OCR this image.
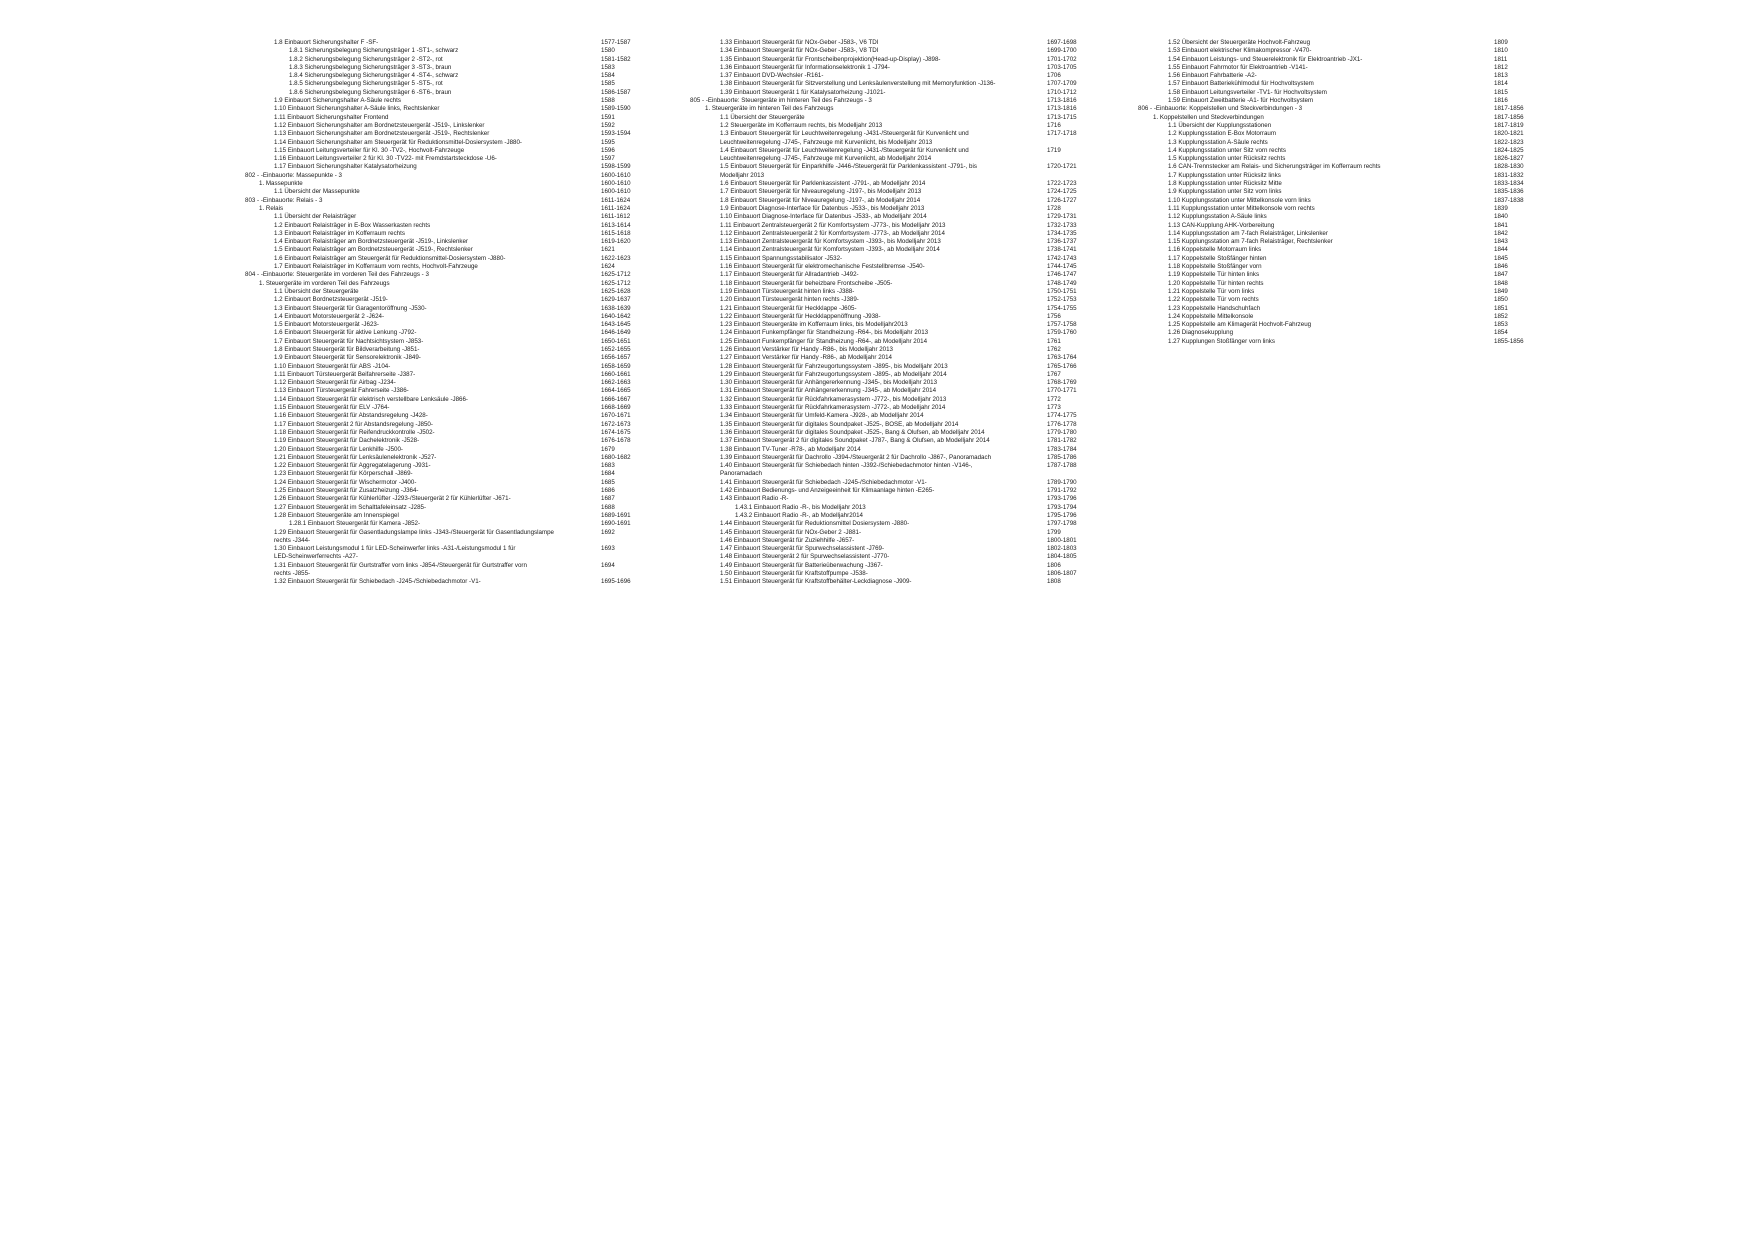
1.8 Einbauort Sicherungshalter F -SF-	1577-1587
1.8.1 Sicherungsbelegung Sicherungsträger 1 -ST1-, schwarz	1580
1.8.2 Sicherungsbelegung Sicherungsträger 2 -ST2-, rot	1581-1582
1.8.3 Sicherungsbelegung Sicherungsträger 3 -ST3-, braun	1583
1.8.4 Sicherungsbelegung Sicherungsträger 4 -ST4-, schwarz	1584
1.8.5 Sicherungsbelegung Sicherungsträger 5 -ST5-, rot	1585
1.8.6 Sicherungsbelegung Sicherungsträger 6 -ST6-, braun	1586-1587
1.9 Einbauort Sicherungshalter A-Säule rechts	1588
1.10 Einbauort Sicherungshalter A-Säule links, Rechtslenker	1589-1590
1.11 Einbauort Sicherungshalter Frontend	1591
1.12 Einbauort Sicherungshalter am Bordnetzsteuergerät -J519-, Linkslenker	1592
1.13 Einbauort Sicherungshalter am Bordnetzsteuergerät -J519-, Rechtslenker	1593-1594
1.14 Einbauort Sicherungshalter am Steuergerät für Reduktionsmittel-Dosiersystem -J880-	1595
1.15 Einbauort Leitungsverteiler für Kl. 30 -TV2-, Hochvolt-Fahrzeuge	1596
1.16 Einbauort Leitungsverteiler 2 für Kl. 30 -TV22- mit Fremdstartsteckdose -U6-	1597
1.17 Einbauort Sicherungshalter Katalysatorheizung	1598-1599
802 - -Einbauorte: Massepunkte - 3	1600-1610
1. Massepunkte	1600-1610
1.1 Übersicht der Massepunkte	1600-1610
803 - -Einbauorte: Relais - 3	1611-1624
1. Relais	1611-1624
1.1 Übersicht der Relaisträger	1611-1612
1.2 Einbauort Relaisträger in E-Box Wasserkasten rechts	1613-1614
1.3 Einbauort Relaisträger im Kofferraum rechts	1615-1618
1.4 Einbauort Relaisträger am Bordnetzsteuergerät -J519-, Linkslenker	1619-1620
1.5 Einbauort Relaisträger am Bordnetzsteuergerät -J519-, Rechtslenker	1621
1.6 Einbauort Relaisträger am Steuergerät für Reduktionsmittel-Dosiersystem -J880-	1622-1623
1.7 Einbauort Relaisträger im Kofferraum vorn rechts, Hochvolt-Fahrzeuge	1624
804 - -Einbauorte: Steuergeräte im vorderen Teil des Fahrzeugs - 3	1625-1712
1. Steuergeräte im vorderen Teil des Fahrzeugs	1625-1712
1.1 Übersicht der Steuergeräte	1625-1628
1.2 Einbauort Bordnetzsteuergerät -J519-	1629-1637
1.3 Einbauort Steuergerät für Garagentoröffnung -J530-	1638-1639
1.4 Einbauort Motorsteuergerät 2 -J624-	1640-1642
1.5 Einbauort Motorsteuergerät -J623-	1643-1645
1.6 Einbauort Steuergerät für aktive Lenkung -J792-	1646-1649
1.7 Einbauort Steuergerät für Nachtsichtsystem -J853-	1650-1651
1.8 Einbauort Steuergerät für Bildverarbeitung -J851-	1652-1655
1.9 Einbauort Steuergerät für Sensorelektronik -J849-	1656-1657
1.10 Einbauort Steuergerät für ABS -J104-	1658-1659
1.11 Einbauort Türsteuergerät Beifahrerseite -J387-	1660-1661
1.12 Einbauort Steuergerät für Airbag -J234-	1662-1663
1.13 Einbauort Türsteuergerät Fahrerseite -J386-	1664-1665
1.14 Einbauort Steuergerät für elektrisch verstellbare Lenksäule -J866-	1666-1667
1.15 Einbauort Steuergerät für ELV -J764-	1668-1669
1.16 Einbauort Steuergerät für Abstandsregelung -J428-	1670-1671
1.17 Einbauort Steuergerät 2 für Abstandsregelung -J850-	1672-1673
1.18 Einbauort Steuergerät für Reifendruckkontrolle -J502-	1674-1675
1.19 Einbauort Steuergerät für Dachelektronik -J528-	1676-1678
1.20 Einbauort Steuergerät für Lenkhilfe -J500-	1679
1.21 Einbauort Steuergerät für Lenksäulenelektronik -J527-	1680-1682
1.22 Einbauort Steuergerät für Aggregatelagerung -J931-	1683
1.23 Einbauort Steuergerät für Körperschall -J869-	1684
1.24 Einbauort Steuergerät für Wischermotor -J400-	1685
1.25 Einbauort Steuergerät für Zusatzheizung -J364-	1686
1.26 Einbauort Steuergerät für Kühlerlüfter -J293-/Steuergerät 2 für Kühlerlüfter -J671-	1687
1.27 Einbauort Steuergerät im Schalttafeleinsatz -J285-	1688
1.28 Einbauort Steuergeräte am Innenspiegel	1689-1691
1.28.1 Einbauort Steuergerät für Kamera -J852-	1690-1691
1.29 Einbauort Steuergerät für Gasentladungslampe links -J343-/Steuergerät für Gasentladungslampe	1692
rechts -J344-
1.30 Einbauort Leistungsmodul 1 für LED-Scheinwerfer links -A31-/Leistungsmodul 1 für	1693
LED-Scheinwerferrechts -A27-
1.31 Einbauort Steuergerät für Gurtstraffer vorn links -J854-/Steuergerät für Gurtstraffer vorn	1694
rechts -J855-
1.32 Einbauort Steuergerät für Schiebedach -J245-/Schiebedachmotor -V1-	1695-1696
1.33 Einbauort Steuergerät für NOx-Geber -J583-, V6 TDI	1697-1698
1.34 Einbauort Steuergerät für NOx-Geber -J583-, V8 TDI	1699-1700
1.35 Einbauort Steuergerät für Frontscheibenprojektion(Head-up-Display) -J898-	1701-1702
1.36 Einbauort Steuergerät für Informationselektronik 1 -J794-	1703-1705
1.37 Einbauort DVD-Wechsler -R161-	1706
1.38 Einbauort Steuergerät für Sitzverstellung und Lenksäulenverstellung mit Memoryfunktion -J136-	1707-1709
1.39 Einbauort Steuergerät 1 für Katalysatorheizung -J1021-	1710-1712
805 - -Einbauorte: Steuergeräte im hinteren Teil des Fahrzeugs - 3	1713-1816
1. Steuergeräte im hinteren Teil des Fahrzeugs	1713-1816
1.1 Übersicht der Steuergeräte	1713-1715
1.2 Steuergeräte im Kofferraum rechts, bis Modelljahr 2013	1716
1.3 Einbauort Steuergerät für Leuchtweitenregelung -J431-/Steuergerät für Kurvenlicht und	1717-1718
Leuchtweitenregelung -J745-, Fahrzeuge mit Kurvenlicht, bis Modelljahr 2013
1.4 Einbauort Steuergerät für Leuchtweitenregelung -J431-/Steuergerät für Kurvenlicht und	1719
Leuchtweitenregelung -J745-, Fahrzeuge mit Kurvenlicht, ab Modelljahr 2014
1.5 Einbauort Steuergerät für Einparkhilfe -J446-/Steuergerät für Parklenkassistent -J791-, bis	1720-1721
Modelljahr 2013
1.6 Einbauort Steuergerät für Parklenkassistent -J791-, ab Modelljahr 2014	1722-1723
1.7 Einbauort Steuergerät für Niveauregelung -J197-, bis Modelljahr 2013	1724-1725
1.8 Einbauort Steuergerät für Niveauregelung -J197-, ab Modelljahr 2014	1726-1727
1.9 Einbauort Diagnose-Interface für Datenbus -J533-, bis Modelljahr 2013	1728
1.10 Einbauort Diagnose-Interface für Datenbus -J533-, ab Modelljahr 2014	1729-1731
1.11 Einbauort Zentralsteuergerät 2 für Komfortsystem -J773-, bis Modelljahr 2013	1732-1733
1.12 Einbauort Zentralsteuergerät 2 für Komfortsystem -J773-, ab Modelljahr 2014	1734-1735
1.13 Einbauort Zentralsteuergerät für Komfortsystem -J393-, bis Modelljahr 2013	1736-1737
1.14 Einbauort Zentralsteuergerät für Komfortsystem -J393-, ab Modelljahr 2014	1738-1741
1.15 Einbauort Spannungsstabilisator -J532-	1742-1743
1.16 Einbauort Steuergerät für elektromechanische Feststellbremse -J540-	1744-1745
1.17 Einbauort Steuergerät für Allradantrieb -J492-	1746-1747
1.18 Einbauort Steuergerät für beheizbare Frontscheibe -J505-	1748-1749
1.19 Einbauort Türsteuergerät hinten links -J388-	1750-1751
1.20 Einbauort Türsteuergerät hinten rechts -J389-	1752-1753
1.21 Einbauort Steuergerät für Heckklappe -J605-	1754-1755
1.22 Einbauort Steuergerät für Heckklappenöffnung -J938-	1756
1.23 Einbauort Steuergeräte im Kofferraum links, bis Modelljahr2013	1757-1758
1.24 Einbauort Funkempfänger für Standheizung -R64-, bis Modelljahr 2013	1759-1760
1.25 Einbauort Funkempfänger für Standheizung -R64-, ab Modelljahr 2014	1761
1.26 Einbauort Verstärker für Handy -R86-, bis Modelljahr 2013	1762
1.27 Einbauort Verstärker für Handy -R86-, ab Modelljahr 2014	1763-1764
1.28 Einbauort Steuergerät für Fahrzeugortungssystem -J895-, bis Modelljahr 2013	1765-1766
1.29 Einbauort Steuergerät für Fahrzeugortungssystem -J895-, ab Modelljahr 2014	1767
1.30 Einbauort Steuergerät für Anhängererkennung -J345-, bis Modelljahr 2013	1768-1769
1.31 Einbauort Steuergerät für Anhängererkennung -J345-, ab Modelljahr 2014	1770-1771
1.32 Einbauort Steuergerät für Rückfahrkamerasystem -J772-, bis Modelljahr 2013	1772
1.33 Einbauort Steuergerät für Rückfahrkamerasystem -J772-, ab Modelljahr 2014	1773
1.34 Einbauort Steuergerät für Umfeld-Kamera -J928-, ab Modelljahr 2014	1774-1775
1.35 Einbauort Steuergerät für digitales Soundpaket -J525-, BOSE, ab Modelljahr 2014	1776-1778
1.36 Einbauort Steuergerät für digitales Soundpaket -J525-, Bang & Olufsen, ab Modelljahr 2014	1779-1780
1.37 Einbauort Steuergerät 2 für digitales Soundpaket -J787-, Bang & Olufsen, ab Modelljahr 2014	1781-1782
1.38 Einbauort TV-Tuner -R78-, ab Modelljahr 2014	1783-1784
1.39 Einbauort Steuergerät für Dachrollo -J394-/Steuergerät 2 für Dachrollo -J867-, Panoramadach	1785-1786
1.40 Einbauort Steuergerät für Schiebedach hinten -J392-/Schiebedachmotor hinten -V146-,	1787-1788
Panoramadach
1.41 Einbauort Steuergerät für Schiebedach -J245-/Schiebedachmotor -V1-	1789-1790
1.42 Einbauort Bedienungs- und Anzeigeeinheit für Klimaanlage hinten -E265-	1791-1792
1.43 Einbauort Radio -R-	1793-1796
1.43.1 Einbauort Radio -R-, bis Modelljahr 2013	1793-1794
1.43.2 Einbauort Radio -R-, ab Modelljahr2014	1795-1796
1.44 Einbauort Steuergerät für Reduktionsmittel Dosiersystem -J880-	1797-1798
1.45 Einbauort Steuergerät für NOx-Geber 2 -J881-	1799
1.46 Einbauort Steuergerät für Zuziehhilfe -J657-	1800-1801
1.47 Einbauort Steuergerät für Spurwechselassistent -J769-	1802-1803
1.48 Einbauort Steuergerät 2 für Spurwechselassistent -J770-	1804-1805
1.49 Einbauort Steuergerät für Batterieüberwachung -J367-	1806
1.50 Einbauort Steuergerät für Kraftstoffpumpe -J538-	1806-1807
1.51 Einbauort Steuergerät für Kraftstoffbehälter-Leckdiagnose -J909-	1808
1.52 Übersicht der Steuergeräte Hochvolt-Fahrzeug	1809
1.53 Einbauort elektrischer Klimakompressor -V470-	1810
1.54 Einbauort Leistungs- und Steuerelektronik für Elektroantrieb -JX1-	1811
1.55 Einbauort Fahrmotor für Elektroantrieb -V141-	1812
1.56 Einbauort Fahrbatterie -A2-	1813
1.57 Einbauort Batteriekühlmodul für Hochvoltsystem	1814
1.58 Einbauort Leitungsverteiler -TV1- für Hochvoltsystem	1815
1.59 Einbauort Zweitbatterie -A1- für Hochvoltsystem	1816
806 - -Einbauorte: Koppelstellen und Steckverbindungen - 3	1817-1856
1. Koppelstellen und Steckverbindungen	1817-1856
1.1 Übersicht der Kupplungsstationen	1817-1819
1.2 Kupplungsstation E-Box Motorraum	1820-1821
1.3 Kupplungsstation A-Säule rechts	1822-1823
1.4 Kupplungsstation unter Sitz vorn rechts	1824-1825
1.5 Kupplungsstation unter Rücksitz rechts	1826-1827
1.6 CAN-Trennstecker am Relais- und Sicherungsträger im Kofferraum rechts	1828-1830
1.7 Kupplungsstation unter Rücksitz links	1831-1832
1.8 Kupplungsstation unter Rücksitz Mitte	1833-1834
1.9 Kupplungsstation unter Sitz vorn links	1835-1836
1.10 Kupplungsstation unter Mittelkonsole vorn links	1837-1838
1.11 Kupplungsstation unter Mittelkonsole vorn rechts	1839
1.12 Kupplungsstation A-Säule links	1840
1.13 CAN-Kupplung AHK-Vorbereitung	1841
1.14 Kupplungsstation am 7-fach Relaisträger, Linkslenker	1842
1.15 Kupplungsstation am 7-fach Relaisträger, Rechtslenker	1843
1.16 Koppelstelle Motorraum links	1844
1.17 Koppelstelle Stoßfänger hinten	1845
1.18 Koppelstelle Stoßfänger vorn	1846
1.19 Koppelstelle Tür hinten links	1847
1.20 Koppelstelle Tür hinten rechts	1848
1.21 Koppelstelle Tür vorn links	1849
1.22 Koppelstelle Tür vorn rechts	1850
1.23 Koppelstelle Handschuhfach	1851
1.24 Koppelstelle Mittelkonsole	1852
1.25 Koppelstelle am Klimagerät Hochvolt-Fahrzeug	1853
1.26 Diagnosekupplung	1854
1.27 Kupplungen Stoßfänger vorn links	1855-1856
